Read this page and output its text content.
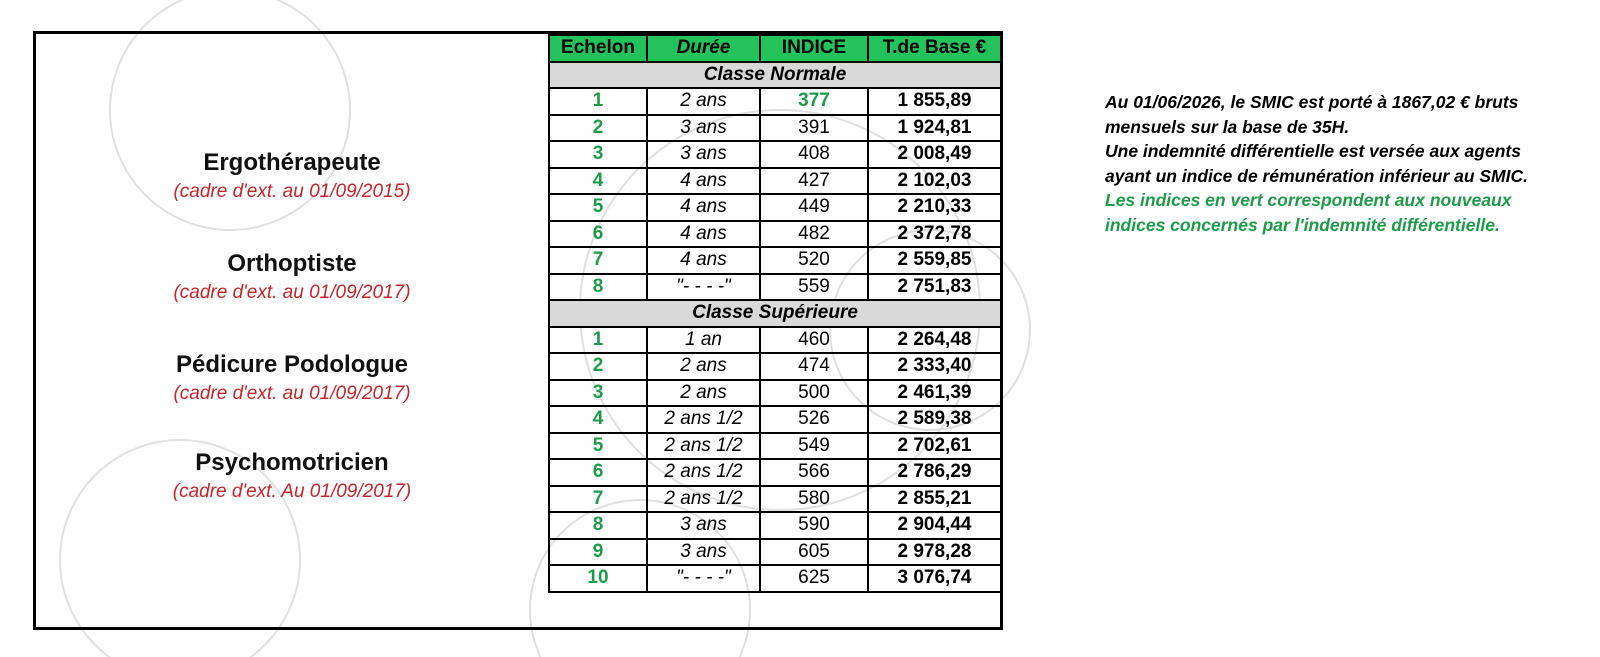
Ergothérapeute
(cadre d'ext. au 01/09/2015)
Orthoptiste
(cadre d'ext. au 01/09/2017)
Pédicure Podologue
(cadre d'ext. au 01/09/2017)
Psychomotricien
(cadre d'ext. Au 01/09/2017)
Echelon	Durée	INDICE	T.de Base €
Classe Normale			
1	2 ans	377	1 855,89
2	3 ans	391	1 924,81
3	3 ans	408	2 008,49
4	4 ans	427	2 102,03
5	4 ans	449	2 210,33
6	4 ans	482	2 372,78
7	4 ans	520	2 559,85
8	"- - - -"	559	2 751,83
Classe Supérieure			
1	1 an	460	2 264,48
2	2 ans	474	2 333,40
3	2 ans	500	2 461,39
4	2 ans 1/2	526	2 589,38
5	2 ans 1/2	549	2 702,61
6	2 ans 1/2	566	2 786,29
7	2 ans 1/2	580	2 855,21
8	3 ans	590	2 904,44
9	3 ans	605	2 978,28
10	"- - - -"	625	3 076,74
Au 01/06/2026, le SMIC est porté à 1867,02 € bruts
mensuels sur la base de 35H.
Une indemnité différentielle est versée aux agents
ayant un indice de rémunération inférieur au SMIC.
Les indices en vert correspondent aux nouveaux
indices concernés par l'indemnité différentielle.
